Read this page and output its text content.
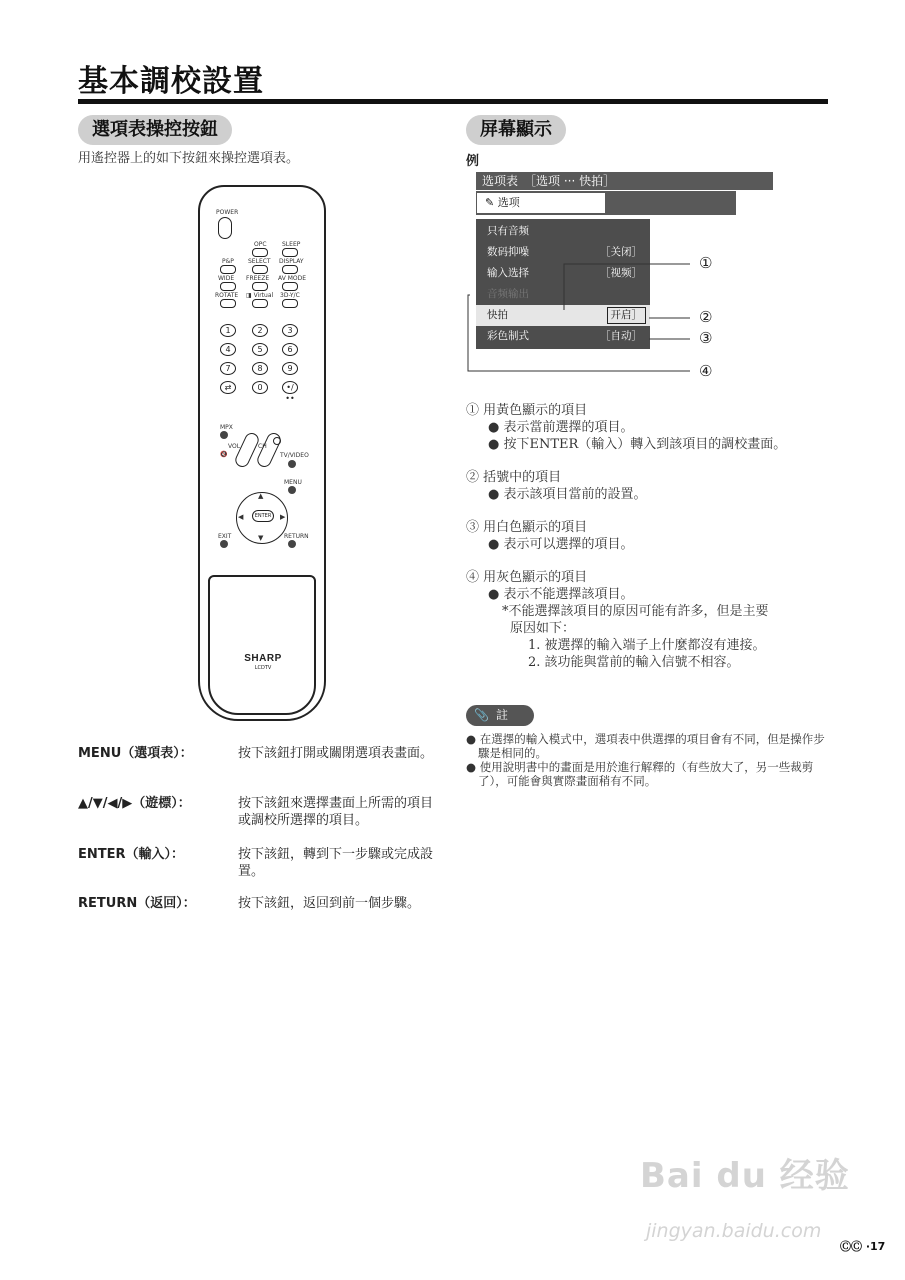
基本調校設置
選項表操控按鈕
用遙控器上的如下按鈕來操控選項表。
POWER
OPC	SLEEP
P&P SELECT DISPLAY
WIDE FREEZE AV MODE
ROTATE ◨ Virtual 3D-Y/C
1	2	3
4	5	6
7	8	9
⇄	0	•/••
MPX
VOL	CH
🔇	TV/VIDEO
MENU
ENTER
▲
▼
◀	▶
EXIT	RETURN
SHARP
LCDTV
MENU（選項表）：	按下該鈕打開或關閉選項表畫面。
▲/▼/◀/▶（遊標）：	按下該鈕來選擇畫面上所需的項目或調校所選擇的項目。
ENTER（輸入）：	按下該鈕，轉到下一步驟或完成設置。
RETURN（返回）：	按下該鈕，返回到前一個步驟。
屏幕顯示
例
选项表　［选项 ··· 快拍］
✎ 选项
只有音频
数码抑噪	［关闭］
输入选择	［视频］
音频输出
快拍	开启］
彩色制式	［自动］
①
②
③
④
① 用黃色顯示的項目
● 表示當前選擇的項目。
● 按下ENTER（輸入）轉入到該項目的調校畫面。
② 括號中的項目
● 表示該項目當前的設置。
③ 用白色顯示的項目
● 表示可以選擇的項目。
④ 用灰色顯示的項目
● 表示不能選擇該項目。
*不能選擇該項目的原因可能有許多，但是主要
原因如下：
1. 被選擇的輸入端子上什麼都沒有連接。
2. 該功能與當前的輸入信號不相容。
📎 註
● 在選擇的輸入模式中，選項表中供選擇的項目會有不同，但是操作步驟是相同的。
● 使用說明書中的畫面是用於進行解釋的（有些放大了，另一些裁剪了），可能會與實際畫面稍有不同。
Bai du 经验
jingyan.baidu.com
ⒸⒸ ·17
